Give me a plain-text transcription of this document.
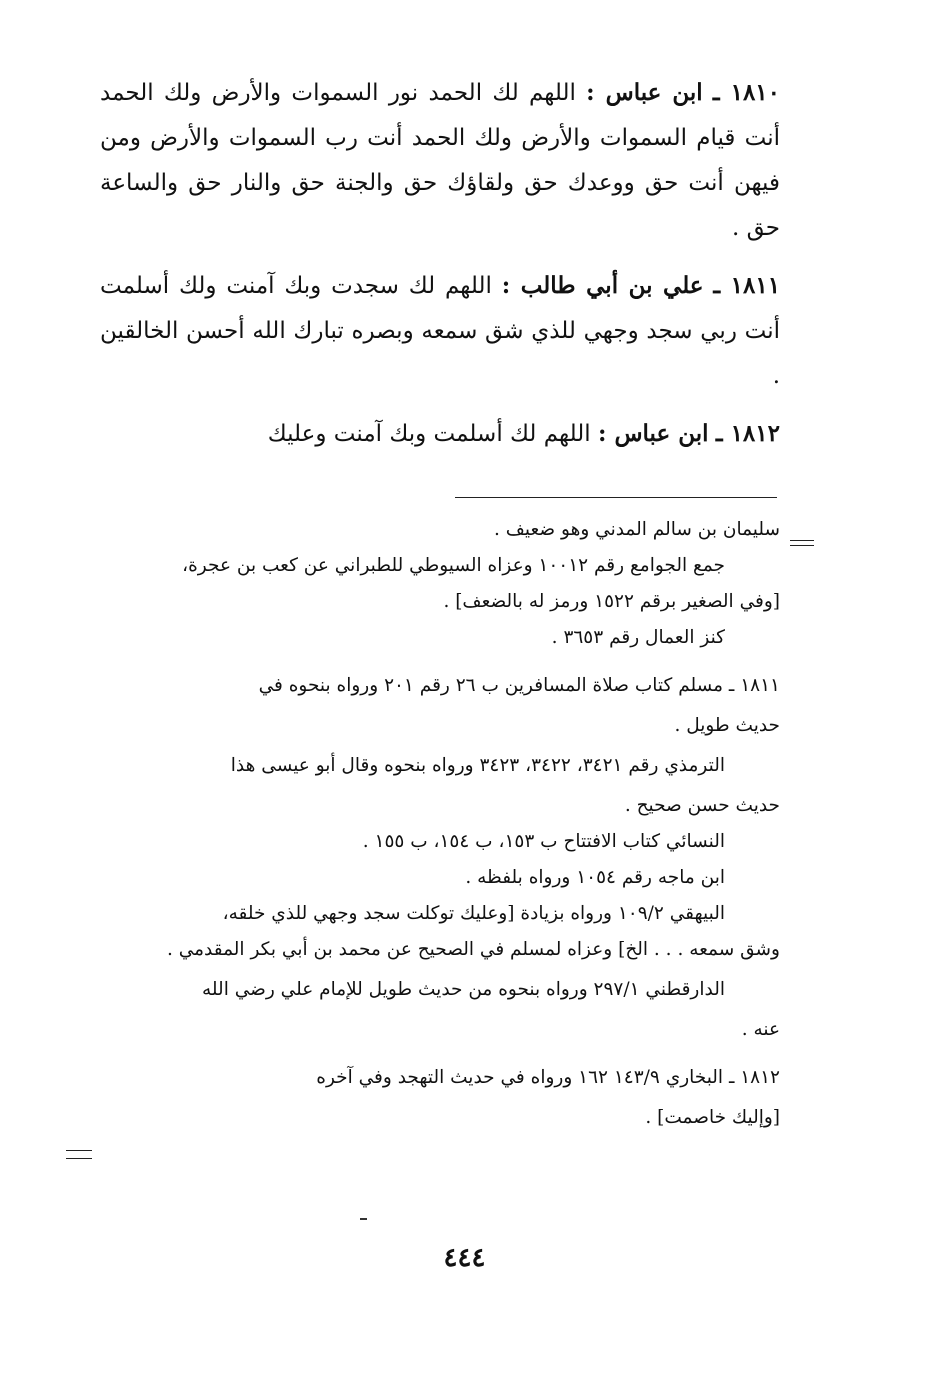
١٨١٠ ـ ابن عباس : اللهم لك الحمد نور السموات والأرض ولك الحمد أنت قيام السموات والأرض ولك الحمد أنت رب السموات والأرض ومن فيهن أنت حق ووعدك حق ولقاؤك حق والجنة حق والنار حق والساعة حق .

١٨١١ ـ علي بن أبي طالب : اللهم لك سجدت وبك آمنت ولك أسلمت أنت ربي سجد وجهي للذي شق سمعه وبصره تبارك الله أحسن الخالقين .

١٨١٢ ـ ابن عباس : اللهم لك أسلمت وبك آمنت وعليك

سليمان بن سالم المدني وهو ضعيف .
جمع الجوامع رقم ١٠٠١٢ وعزاه السيوطي للطبراني عن كعب بن عجرة،
[وفي الصغير برقم ١٥٢٢ ورمز له بالضعف] .
كنز العمال رقم ٣٦٥٣ .
١٨١١ ـ مسلم كتاب صلاة المسافرين ب ٢٦ رقم ٢٠١ ورواه بنحوه في
حديث طويل .
الترمذي رقم ٣٤٢١، ٣٤٢٢، ٣٤٢٣ ورواه بنحوه وقال أبو عيسى هذا
حديث حسن صحيح .
النسائي كتاب الافتتاح ب ١٥٣، ب ١٥٤، ب ١٥٥ .
ابن ماجه رقم ١٠٥٤ ورواه بلفظه .
البيهقي ١٠٩/٢ ورواه بزيادة [وعليك توكلت سجد وجهي للذي خلقه،
وشق سمعه . . . الخ] وعزاه لمسلم في الصحيح عن محمد بن أبي بكر المقدمي .
الدارقطني ٢٩٧/١ ورواه بنحوه من حديث طويل للإمام علي رضي الله
عنه .
١٨١٢ ـ البخاري ١٤٣/٩ ١٦٢ ورواه في حديث التهجد وفي آخره
[وإليك خاصمت] .
٤٤٤
